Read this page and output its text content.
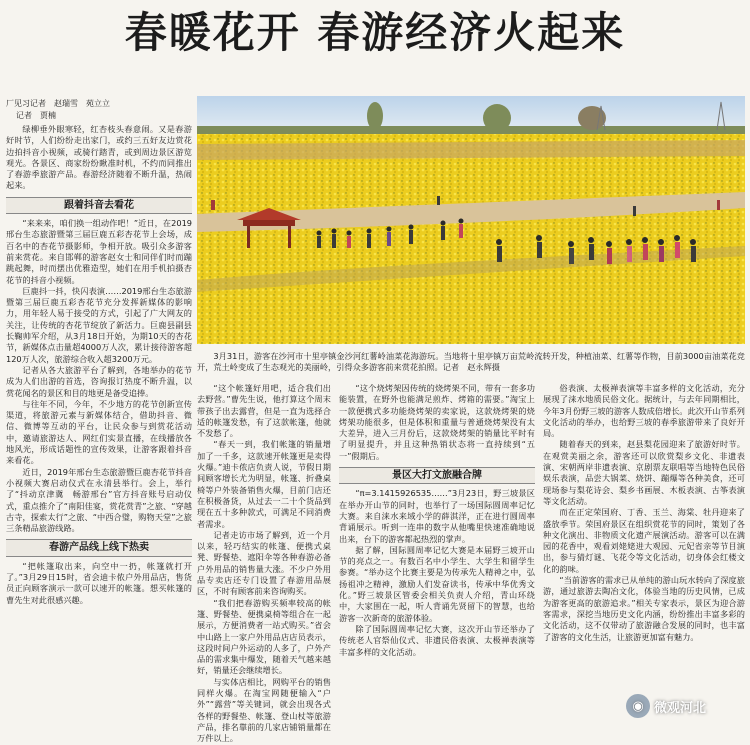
春暖花开 春游经济火起来
厂见习记者　赵瑞雪　苑立立
记者　贾楠

绿柳垂外眼寒轻，红杏枝头春意闹。又是春游好时节，人们纷纷走出家门，或约三五好友边赏花边拍抖音小视频，或骑行踏青，或到周边景区游览观光。各景区、商家纷纷瞅准时机，不约而同推出了春游季旅游产品。春游经济随着不断升温，热闹起来。

跟着抖音去看花

“来来来，咱们换一组动作吧！”近日，在2019邢台生态旅游暨第三届巨鹿五彩杏花节上会场，成百名中的杏花节摄影师，争相开放。吸引众多游客前来赏花。来自邯郸的游客赵女士和同伴们时而蹦跳起舞，时而摆出优雅造型，她们在用手机拍摄杏花节的抖音小视频。

巨鹿抖一抖，快闪表演……2019邢台生态旅游暨第三届巨鹿五彩杏花节充分发挥新媒体的影响力，用年轻人易于接受的方式，引起了广大网友的关注，让传统的杏花节绽放了新活力。巨鹿县副县长鞠帅军介绍，从3月18日开始，为期10天的杏花节，新媒体点击量超4000万人次，累计接待游客超120万人次，旅游综合收入超3200万元。

记者从各大旅游平台了解到，各地举办的花节成为人们出游的首选，咨询报订热度不断升温，以赏花闻名的景区和目的地更是备受追捧。

与往年不同，今年，不少地方的花节创新宣传渠道，将旅游元素与新媒体结合，借助抖音、微信、微博等互动的平台，让民众参与到赏花活动中，邀请旅游达人、网红们实景直播，在线播放各地风光，形成话题性的宣传效果，让游客跟着抖音来看花。

近日，2019年邢台生态旅游暨巨鹿杏花节抖音小视频大赛启动仪式在永清县举行。会上，举行了“抖动京津冀　畅游邢台”官方抖音账号启动仪式，重点推介了“南阳佳宴，赏花赏青”之旅、“穿越古寺，探索太行”之旅、“中西合璧，购物天堂”之旅三条精品旅游线路。

春游产品线上线下热卖

“把帐篷取出来，向空中一扔，帐篷就打开了。”3月29日15时，省会迪卡侬户外用品店，售货员正向顾客演示一款可以速开的帐篷。想买帐篷的曹先生对此很感兴趣。

3月31日，游客在沙河市十里亭镇金沙河红薯岭油菜花海游玩。当地将十里亭镇万亩荒岭流转开发，种植油菜、红薯等作物，目前3000亩油菜花竞开，荒土岭变成了生态观光的美丽岭，引得众多游客前来赏花拍照。记者　赵永辉摄

“这个帐篷好用吧，适合我们出去野营。”曹先生说，他打算这个周末带孩子出去露营，但是一直为选择合适的帐篷发愁，有了这款帐篷，他就不发愁了。

“春天一到，我们帐篷的销量增加了一千多，这款速开帐篷更是卖得火爆。”迪卡侬店负责人说，节假日期间顾客增长尤为明显，帐篷、折叠桌椅等户外装备销售火爆，目前门店还在积极备货，从过去一二十个货品到现在五十多种款式，可满足不同消费者需求。

记者走访市场了解到，近一个月以来，轻巧结实的帐篷、便携式桌凳、野餐垫、遮阳伞等各种春游必备户外用品的销售量大涨。不少户外用品专卖店还专门设置了春游用品展区，不时有顾客前来咨询购买。

“我们把春游购买频率较高的帐篷、野餐垫、便携桌椅等组合在一起展示，方便消费者一站式购买。”省会中山路上一家户外用品店店员表示，这段时间户外运动的人多了，户外产品的需求集中爆发，随着天气越来越好，销量还会继续增长。

与实体店相比，网购平台的销售同样火爆。在淘宝网随便输入“户外”“露营”等关键词，就会出现各式各样的野餐垫、帐篷、登山杖等旅游产品，排名靠前的几家店铺销量都在万件以上。

“这个烧烤架因传统的烧烤架不同，带有一套多功能装置，在野外也能满足煎炸、烤箱的需要。”淘宝上一款便携式多功能烧烤架的卖家说，这款烧烤架的烧烤架功能很多，但是体积和重量与普通烧烤架没有太大差异，进入三月份后，这款烧烤架的销量比平时有了明显提升，并且这种热销状态将一直持续到“五一”假期后。

景区大打文旅融合牌

“π=3.1415926535……”3月23日，野三坡景区在举办开山节的同时，也举行了一场国际圆周率记忆大赛。来自涞水来域小学的薛淇洋，正在进行圆周率背诵展示。听到一连串的数字从他嘴里快速准确地说出来，台下的游客都起热烈的掌声。

据了解，国际圆周率记忆大赛是本届野三坡开山节的亮点之一。有数百名中小学生、大学生和留学生参赛。“举办这个比赛主要是为传承先人精神之中，弘扬祖冲之精神，激励人们发奋读书，传承中华优秀文化。”野三坡景区管委会相关负责人介绍，青山环绕中，大家围在一起，听人背诵先贤留下的智慧，也给游客一次新奇的旅游体验。

除了国际圆周率记忆大赛，这次开山节还举办了传统老人官祭仙仪式、非遗民俗表演、太极禅表演等丰富多样的文化活动。

俗表演、太极禅表演等丰富多样的文化活动，充分展现了涞水地质民俗文化。据统计，与去年同期相比，今年3月份野三坡的游客人数成倍增长。此次开山节系列文化活动的举办，也给野三坡的春季旅游带来了良好开局。

随着春天的到来，赵县梨花园迎来了旅游好时节。在观赏美丽之余，游客还可以欣赏梨乡文化、非遗表演、宋朝两岸非遗表演、京剧票友联唱等当地特色民俗娱乐表演，品尝大锅菜、烧饼、蹦爆等各种美食，还可现场参与梨花诗会、梨乡书画展、木板表演、古筝表演等文化活动。

而在正定荣国府、丁香、玉兰、海棠、牡丹迎来了盛放季节。荣国府景区在组织赏花节的同时，策划了各种文化演出、非物质文化遗产展演活动。游客可以在满园的花香中，观看刘姥姥进大观园、元妃省亲等节目演出，参与猜灯谜、飞花令等文化活动，切身体会红楼文化的韵味。

“当前游客的需求已从单纯的游山玩水转向了深度旅游，通过旅游去陶冶文化，体验当地的历史风情，已成为游客更高的旅游追求。”相关专家表示，景区为迎合游客需求，深挖当地历史文化内涵，纷纷推出丰富多彩的文化活动，这不仅带动了旅游融合发展的同时，也丰富了游客的文化生活，让旅游更加富有魅力。

◉ 微观河北
